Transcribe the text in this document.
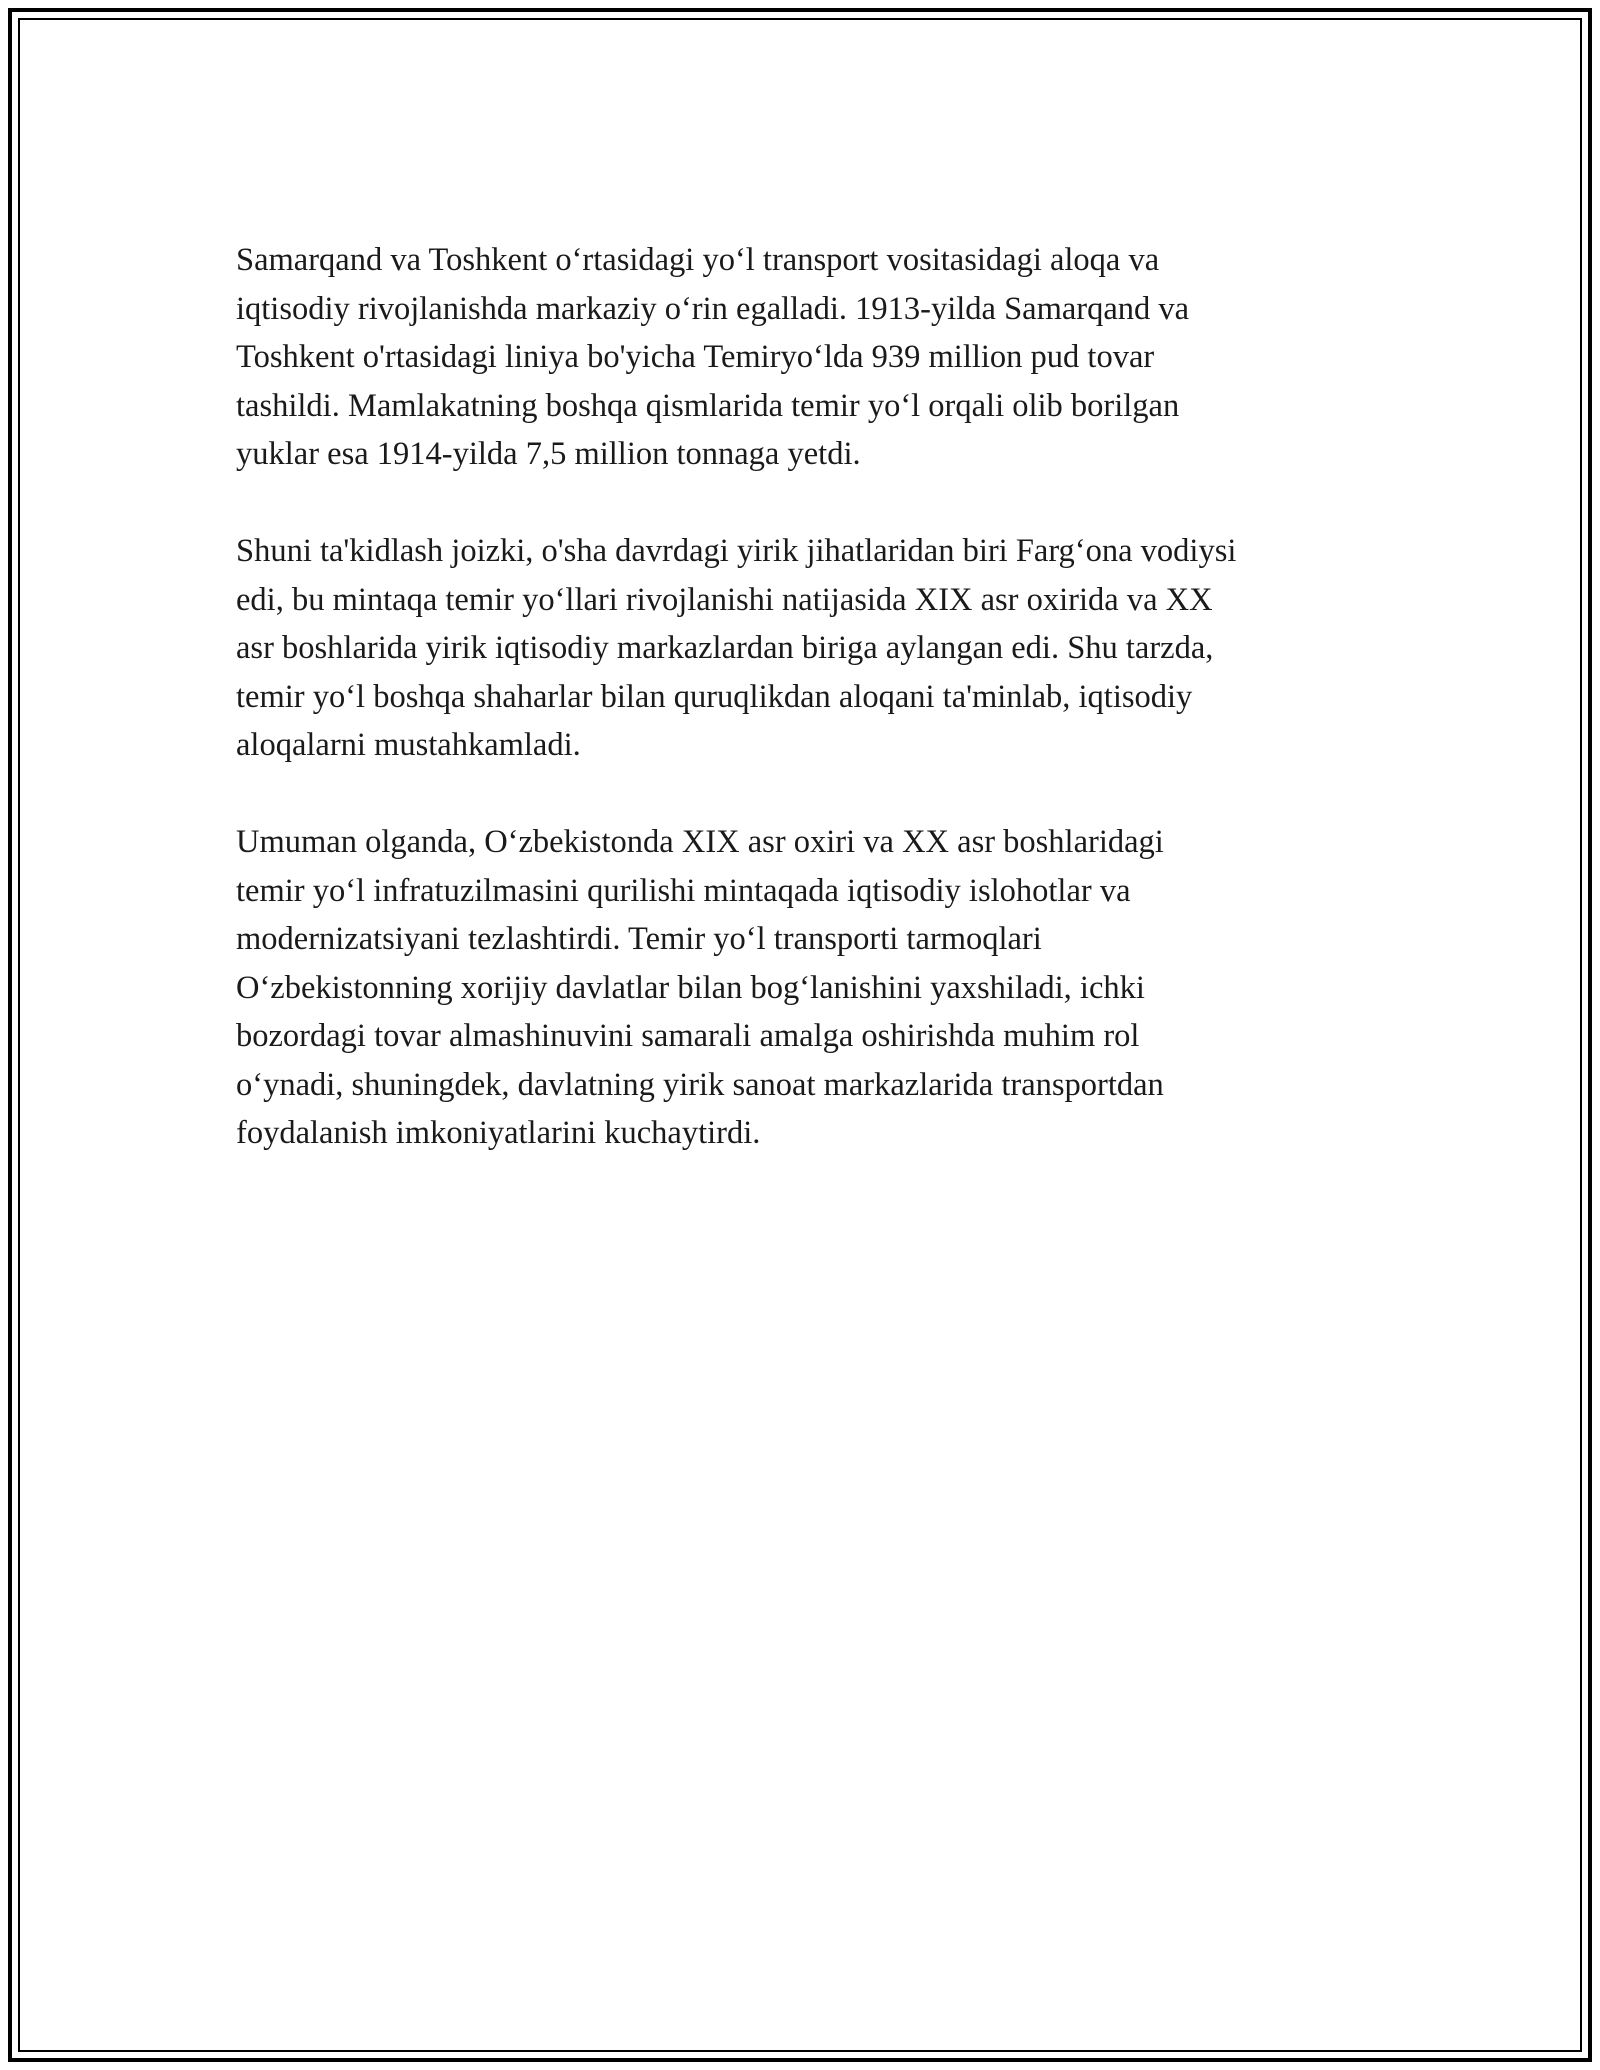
Samarqand va Toshkent o‘rtasidagi yo‘l transport vositasidagi aloqa va
iqtisodiy rivojlanishda markaziy o‘rin egalladi. 1913-yilda Samarqand va
Toshkent o'rtasidagi liniya bo'yicha Temiryo‘lda 939 million pud tovar
tashildi. Mamlakatning boshqa qismlarida temir yo‘l orqali olib borilgan
yuklar esa 1914-yilda 7,5 million tonnaga yetdi.

Shuni ta'kidlash joizki, o'sha davrdagi yirik jihatlaridan biri Farg‘ona vodiysi
edi, bu mintaqa temir yo‘llari rivojlanishi natijasida XIX asr oxirida va XX
asr boshlarida yirik iqtisodiy markazlardan biriga aylangan edi. Shu tarzda,
temir yo‘l boshqa shaharlar bilan quruqlikdan aloqani ta'minlab, iqtisodiy
aloqalarni mustahkamladi.

Umuman olganda, O‘zbekistonda XIX asr oxiri va XX asr boshlaridagi
temir yo‘l infratuzilmasini qurilishi mintaqada iqtisodiy islohotlar va
modernizatsiyani tezlashtirdi. Temir yo‘l transporti tarmoqlari
O‘zbekistonning xorijiy davlatlar bilan bog‘lanishini yaxshiladi, ichki
bozordagi tovar almashinuvini samarali amalga oshirishda muhim rol
o‘ynadi, shuningdek, davlatning yirik sanoat markazlarida transportdan
foydalanish imkoniyatlarini kuchaytirdi.
